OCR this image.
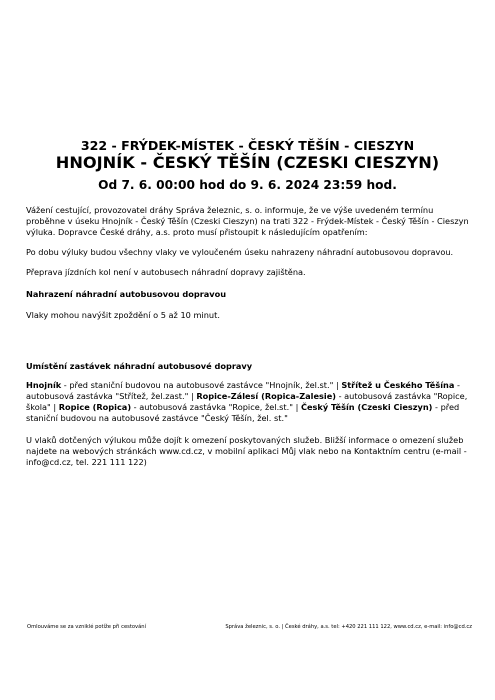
322 - FRÝDEK-MÍSTEK - ČESKÝ TĚŠÍN - CIESZYN
HNOJNÍK - ČESKÝ TĚŠÍN (CZESKI CIESZYN)
Od 7. 6. 00:00 hod do 9. 6. 2024 23:59 hod.
Vážení cestující, provozovatel dráhy Správa železnic, s. o. informuje, že ve výše uvedeném termínu proběhne v úseku Hnojník - Český Těšín (Czeski Cieszyn) na trati 322 - Frýdek-Místek - Český Těšín - Cieszyn výluka. Dopravce České dráhy, a.s. proto musí přistoupit k následujícím opatřením:
Po dobu výluky budou všechny vlaky ve vyloučeném úseku nahrazeny náhradní autobusovou dopravou.
Přeprava jízdních kol není v autobusech náhradní dopravy zajištěna.
Nahrazení náhradní autobusovou dopravou
Vlaky mohou navýšit zpoždění o 5 až 10 minut.
Umístění zastávek náhradní autobusové dopravy
Hnojník - před staniční budovou na autobusové zastávce "Hnojník, žel.st." | Střítež u Českého Těšína - autobusová zastávka "Střítež, žel.zast." | Ropice-Zálesí (Ropica-Zalesie) - autobusová zastávka "Ropice, škola" | Ropice (Ropica) - autobusová zastávka "Ropice, žel.st." | Český Těšín (Czeski Cieszyn) - před staniční budovou na autobusové zastávce "Český Těšín, žel. st."
U vlaků dotčených výlukou může dojít k omezení poskytovaných služeb. Bližší informace o omezení služeb najdete na webových stránkách www.cd.cz, v mobilní aplikaci Můj vlak nebo na Kontaktním centru (e-mail - info@cd.cz, tel. 221 111 122)
Omlouváme se za vzniklé potíže při cestování	Správa železnic, s. o. | České dráhy, a.s. tel: +420 221 111 122, www.cd.cz, e-mail: info@cd.cz
